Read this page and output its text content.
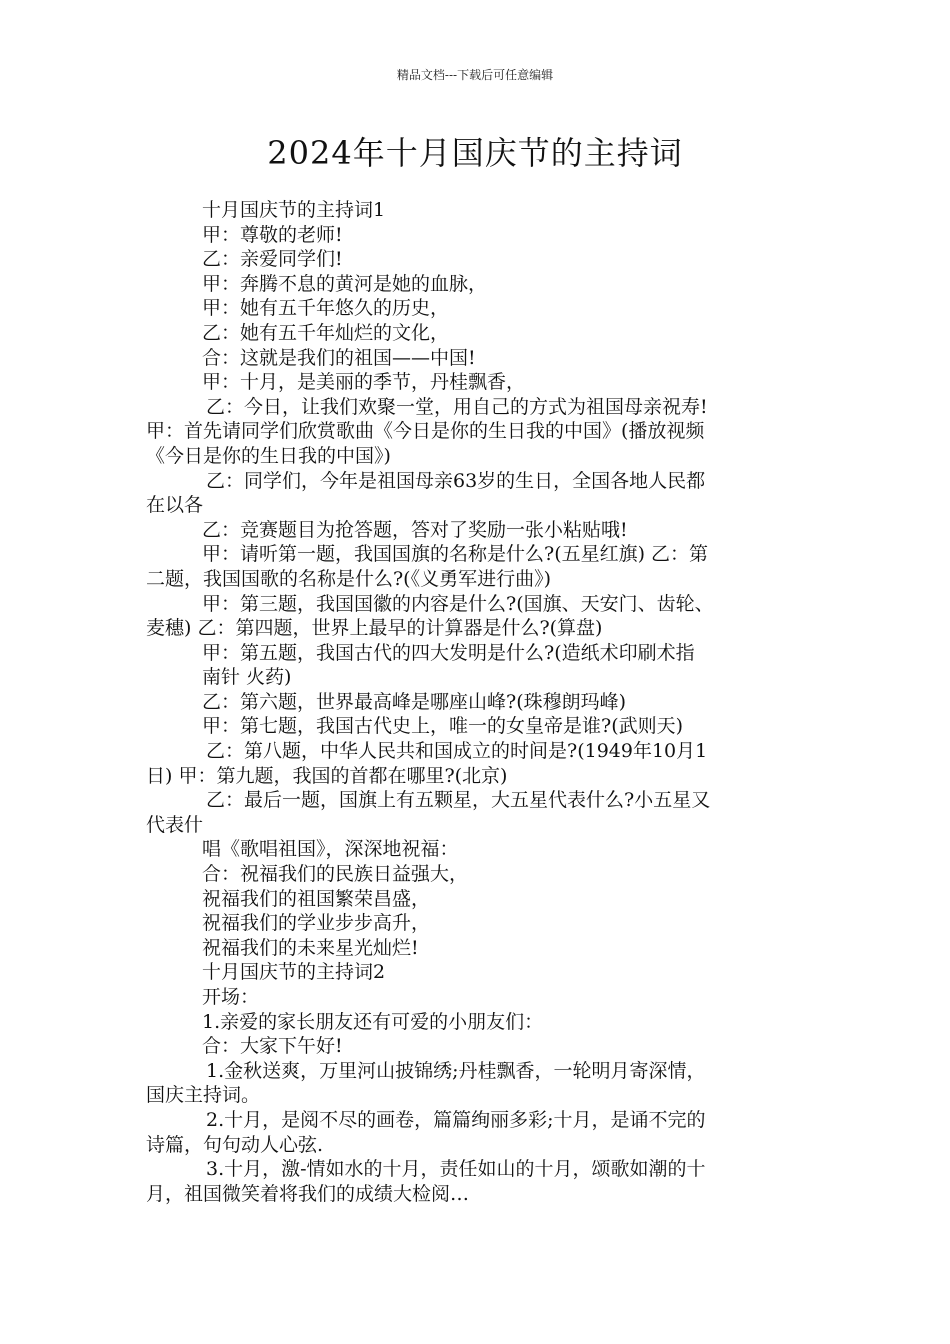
精品文档---下载后可任意编辑
2024年十月国庆节的主持词
十月国庆节的主持词1
甲：尊敬的老师!
乙：亲爱同学们!
甲：奔腾不息的黄河是她的血脉，
甲：她有五千年悠久的历史，
乙：她有五千年灿烂的文化，
合：这就是我们的祖国——中国!
甲：十月，是美丽的季节，丹桂飘香，
乙：今日，让我们欢聚一堂，用自己的方式为祖国母亲祝寿!
甲：首先请同学们欣赏歌曲《今日是你的生日我的中国》(播放视频
《今日是你的生日我的中国》)
乙：同学们，今年是祖国母亲63岁的生日，全国各地人民都
在以各
乙：竞赛题目为抢答题，答对了奖励一张小粘贴哦!
甲：请听第一题，我国国旗的名称是什么?(五星红旗) 乙：第
二题，我国国歌的名称是什么?(《义勇军进行曲》)
甲：第三题，我国国徽的内容是什么?(国旗、天安门、齿轮、
麦穗) 乙：第四题，世界上最早的计算器是什么?(算盘)
甲：第五题，我国古代的四大发明是什么?(造纸术印刷术指
南针 火药)
乙：第六题，世界最高峰是哪座山峰?(珠穆朗玛峰)
甲：第七题，我国古代史上，唯一的女皇帝是谁?(武则天)
乙：第八题，中华人民共和国成立的时间是?(1949年10月1
日) 甲：第九题，我国的首都在哪里?(北京)
乙：最后一题，国旗上有五颗星，大五星代表什么?小五星又
代表什
唱《歌唱祖国》，深深地祝福：
合：祝福我们的民族日益强大，
祝福我们的祖国繁荣昌盛，
祝福我们的学业步步高升，
祝福我们的未来星光灿烂!
十月国庆节的主持词2
开场：
1.亲爱的家长朋友还有可爱的小朋友们：
合：大家下午好!
1.金秋送爽，万里河山披锦绣;丹桂飘香，一轮明月寄深情，
国庆主持词。
2.十月，是阅不尽的画卷，篇篇绚丽多彩;十月，是诵不完的
诗篇，句句动人心弦.
3.十月，激-情如水的十月，责任如山的十月，颂歌如潮的十
月，祖国微笑着将我们的成绩大检阅…
